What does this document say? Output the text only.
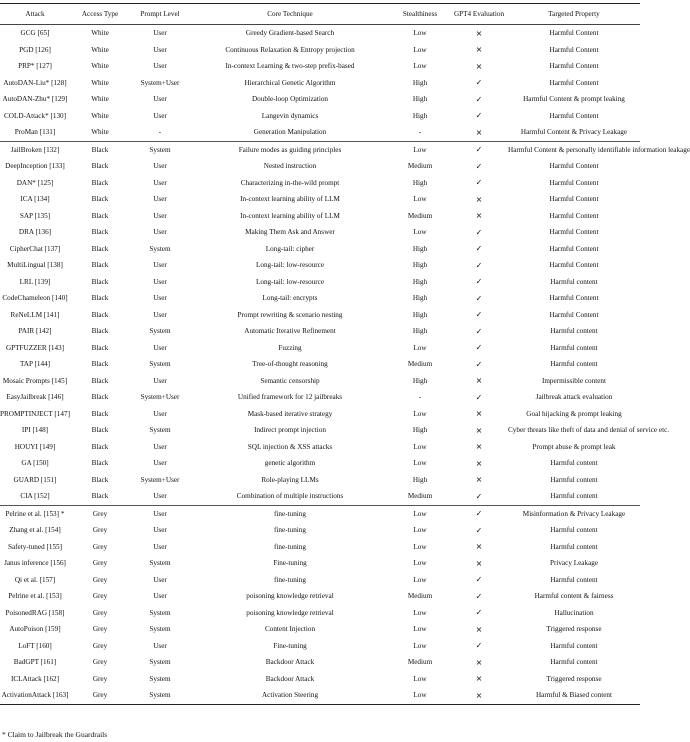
Attack	Access Type	Prompt Level	Core Technique	Stealthiness	GPT4 Evaluation	Targeted Property
GCG [65]	White	User	Greedy Gradient-based Search	Low	×	Harmful Content
PGD [126]	White	User	Continuous Relaxation & Entropy projection	Low	×	Harmful Content
PRP* [127]	White	User	In-context Learning & two-step prefix-based	Low	×	Harmful Content
AutoDAN-Liu* [128]	White	System+User	Hierarchical Genetic Algorithm	High	✓	Harmful Content
AutoDAN-Zhu* [129]	White	User	Double-loop Optimization	High	✓	Harmful Content & prompt leaking
COLD-Attack* [130]	White	User	Langevin dynamics	High	✓	Harmful Content
ProMan [131]	White	-	Generation Manipulation	-	×	Harmful Content & Privacy Leakage
JailBroken [132]	Black	System	Failure modes as guiding principles	Low	✓	Harmful Content & personally identifiable information leakage
DeepInception [133]	Black	User	Nested instruction	Medium	✓	Harmful Content
DAN* [125]	Black	User	Characterizing in-the-wild prompt	High	✓	Harmful Content
ICA [134]	Black	User	In-context learning ability of LLM	Low	×	Harmful Content
SAP [135]	Black	User	In-context learning ability of LLM	Medium	×	Harmful Content
DRA [136]	Black	User	Making Them Ask and Answer	Low	✓	Harmful Content
CipherChat [137]	Black	System	Long-tail: cipher	High	✓	Harmful Content
MultiLingual [138]	Black	User	Long-tail: low-resource	High	✓	Harmful Content
LRL [139]	Black	User	Long-tail: low-resource	High	✓	Harmful content
CodeChameleon [140]	Black	User	Long-tail: encrypts	High	✓	Harmful Content
ReNeLLM [141]	Black	User	Prompt rewriting & scenario nesting	High	✓	Harmful Content
PAIR [142]	Black	System	Automatic Iterative Refinement	High	✓	Harmful content
GPTFUZZER [143]	Black	User	Fuzzing	Low	✓	Harmful content
TAP [144]	Black	System	Tree-of-thought reasoning	Medium	✓	Harmful content
Mosaic Prompts [145]	Black	User	Semantic censorship	High	×	Impermissible content
EasyJailbreak [146]	Black	System+User	Unified framework for 12 jailbreaks	-	✓	Jailbreak attack evaluation
PROMPTINJECT [147]	Black	User	Mask-based iterative strategy	Low	×	Goal hijacking & prompt leaking
IPI [148]	Black	System	Indirect prompt injection	High	×	Cyber threats like theft of data and denial of service etc.
HOUYI [149]	Black	User	SQL injection & XSS attacks	Low	×	Prompt abuse & prompt leak
GA [150]	Black	User	genetic algorithm	Low	×	Harmful content
GUARD [151]	Black	System+User	Role-playing LLMs	High	×	Harmful content
CIA [152]	Black	User	Combination of multiple instructions	Medium	✓	Harmful content
Pelrine et al. [153] *	Grey	User	fine-tuning	Low	✓	Misinformation & Privacy Leakage
Zhang et al. [154]	Grey	User	fine-tuning	Low	✓	Harmful content
Safety-tuned [155]	Grey	User	fine-tuning	Low	×	Harmful content
Janus inference [156]	Grey	System	Fine-tuning	Low	×	Privacy Leakage
Qi et al. [157]	Grey	User	fine-tuning	Low	✓	Harmful content
Pelrine et al. [153]	Grey	User	poisoning knowledge retrieval	Medium	✓	Harmful content & fairness
PoisonedRAG [158]	Grey	System	poisoning knowledge retrieval	Low	✓	Hallucination
AutoPoison [159]	Grey	System	Content Injection	Low	×	Triggered response
LoFT [160]	Grey	User	Fine-tuning	Low	✓	Harmful content
BadGPT [161]	Grey	System	Backdoor Attack	Medium	×	Harmful content
ICLAttack [162]	Grey	System	Backdoor Attack	Low	×	Triggered response
ActivationAttack [163]	Grey	System	Activation Steering	Low	×	Harmful & Biased content
* Claim to Jailbreak the Guardrails
